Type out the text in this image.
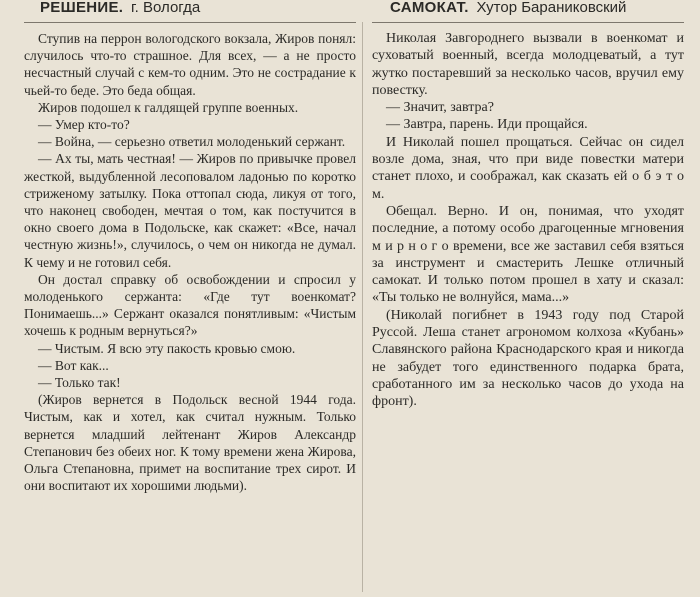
РЕШЕНИЕ. г. Вологда

Ступив на перрон вологодского вокзала, Жиров понял: случилось что-то страшное. Для всех, — а не просто несчастный случай с кем-то одним. Это не сострадание к чьей-то беде. Это беда общая.

Жиров подошел к галдящей группе военных.

— Умер кто-то?

— Война, — серьезно ответил молоденький сержант.

— Ах ты, мать честная! — Жиров по привычке провел жесткой, выдубленной лесоповалом ладонью по коротко стриженому затылку. Пока оттопал сюда, ликуя от того, что наконец свободен, мечтая о том, как постучится в окно своего дома в Подольске, как скажет: «Все, начал честную жизнь!», случилось, о чем он никогда не думал. К чему и не готовил себя.

Он достал справку об освобождении и спросил у молоденького сержанта: «Где тут военкомат? Понимаешь...» Сержант оказался понятливым: «Чистым хочешь к родным вернуться?»

— Чистым. Я всю эту пакость кровью смою.

— Вот как...

— Только так!

(Жиров вернется в Подольск весной 1944 года. Чистым, как и хотел, как считал нужным. Только вернется младший лейтенант Жиров Александр Степанович без обеих ног. К тому времени жена Жирова, Ольга Степановна, примет на воспитание трех сирот. И они воспитают их хорошими людьми).

САМОКАТ. Хутор Бараниковский

Николая Завгороднего вызвали в военкомат и суховатый военный, всегда молодцеватый, а тут жутко постаревший за несколько часов, вручил ему повестку.

— Значит, завтра?

— Завтра, парень. Иди прощайся.

И Николай пошел прощаться. Сейчас он сидел возле дома, зная, что при виде повестки матери станет плохо, и соображал, как сказать ей о б э т о м.

Обещал. Верно. И он, понимая, что уходят последние, а потому особо драгоценные мгновения м и р н о г о времени, все же заставил себя взяться за инструмент и смастерить Лешке отличный самокат. И только потом прошел в хату и сказал: «Ты только не волнуйся, мама...»

(Николай погибнет в 1943 году под Старой Руссой. Леша станет агрономом колхоза «Кубань» Славянского района Краснодарского края и никогда не забудет того единственного подарка брата, сработанного им за несколько часов до ухода на фронт).
